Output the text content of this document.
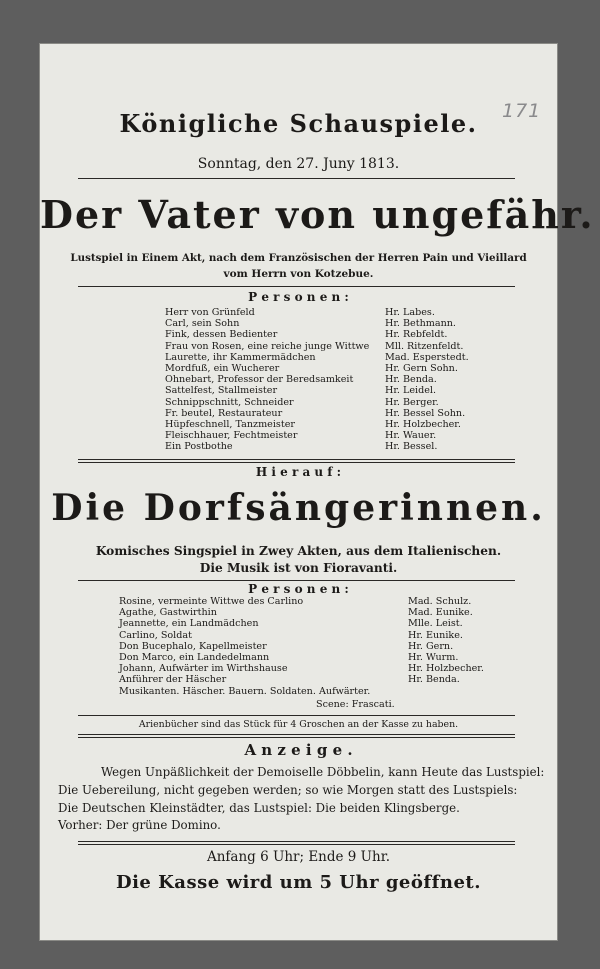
171
Königliche Schauspiele.
Sonntag, den 27. Juny 1813.
Der Vater von ungefähr.
Lustspiel in Einem Akt, nach dem Französischen der Herren Pain und Vieillard
vom Herrn von Kotzebue.
P e r s o n e n :
Herr von Grünfeld
Carl, sein Sohn
Fink, dessen Bedienter
Frau von Rosen, eine reiche junge Wittwe
Laurette, ihr Kammermädchen
Mordfuß, ein Wucherer
Ohnebart, Professor der Beredsamkeit
Sattelfest, Stallmeister
Schnippschnitt, Schneider
Fr. beutel, Restaurateur
Hüpfeschnell, Tanzmeister
Fleischhauer, Fechtmeister
Ein Postbothe
Hr. Labes.
Hr. Bethmann.
Hr. Rebfeldt.
Mll. Ritzenfeldt.
Mad. Esperstedt.
Hr. Gern Sohn.
Hr. Benda.
Hr. Leidel.
Hr. Berger.
Hr. Bessel Sohn.
Hr. Holzbecher.
Hr. Wauer.
Hr. Bessel.
H i e r a u f :
Die Dorfsängerinnen.
Komisches Singspiel in Zwey Akten, aus dem Italienischen.
Die Musik ist von Fioravanti.
P e r s o n e n :
Rosine, vermeinte Wittwe des Carlino
Agathe, Gastwirthin
Jeannette, ein Landmädchen
Carlino, Soldat
Don Bucephalo, Kapellmeister
Don Marco, ein Landedelmann
Johann, Aufwärter im Wirthshause
Anführer der Häscher
Musikanten. Häscher. Bauern. Soldaten. Aufwärter.
Mad. Schulz.
Mad. Eunike.
Mlle. Leist.
Hr. Eunike.
Hr. Gern.
Hr. Wurm.
Hr. Holzbecher.
Hr. Benda.
Scene: Frascati.
Arienbücher sind das Stück für 4 Groschen an der Kasse zu haben.
A n z e i g e .
Wegen Unpäßlichkeit der Demoiselle Döbbelin, kann Heute das Lustspiel:
Die Uebereilung, nicht gegeben werden; so wie Morgen statt des Lustspiels:
Die Deutschen Kleinstädter, das Lustspiel: Die beiden Klingsberge.
Vorher: Der grüne Domino.
Anfang 6 Uhr; Ende 9 Uhr.
Die Kasse wird um 5 Uhr geöffnet.
